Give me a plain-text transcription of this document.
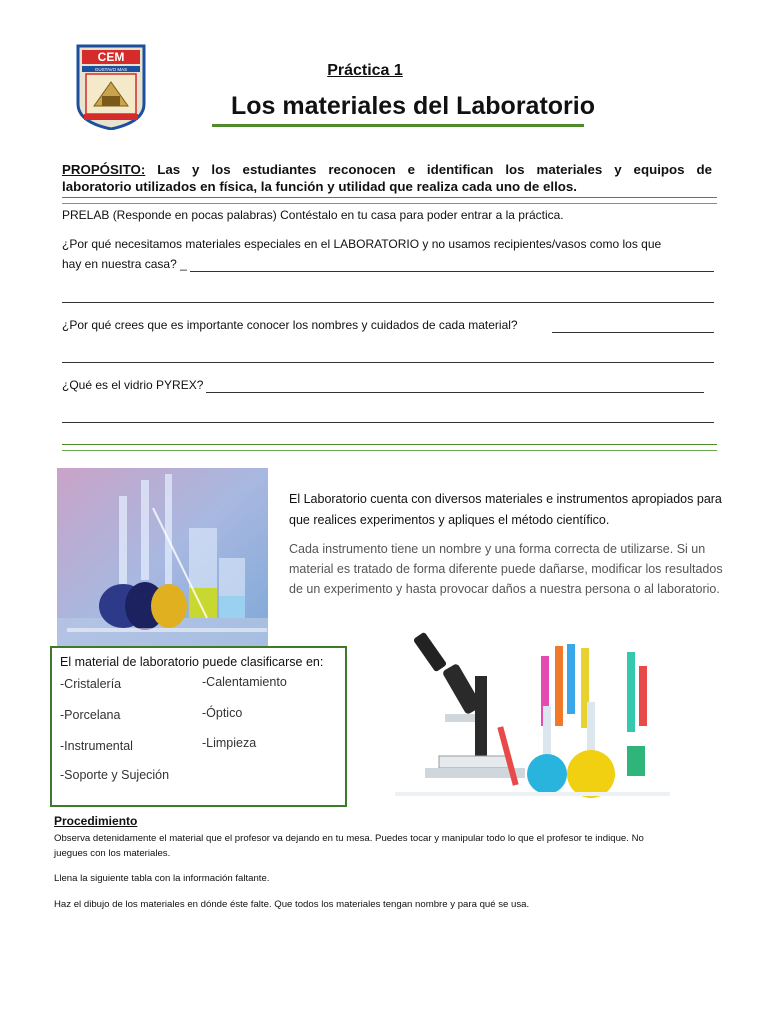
CEM
GUSTAVO MAS	Práctica 1
Los materiales del Laboratorio
PROPÓSITO: Las y los estudiantes reconocen e identifican los materiales y equipos de
laboratorio utilizados en física, la función y utilidad que realiza cada uno de ellos.
PRELAB (Responde en pocas palabras) Contéstalo en tu casa para poder entrar a la práctica.
¿Por qué necesitamos materiales especiales en el LABORATORIO y no usamos recipientes/vasos como los que
hay en nuestra casa? _
¿Por qué crees que es importante conocer los nombres y cuidados de cada material?
¿Qué es el vidrio PYREX?
El Laboratorio cuenta con diversos materiales e instrumentos apropiados para que realices experimentos y apliques el método científico.
Cada instrumento tiene un nombre y una forma correcta de utilizarse. Si un material es tratado de forma diferente puede dañarse, modificar los resultados de un experimento y hasta provocar daños a nuestra persona o al laboratorio.
El material de laboratorio puede clasificarse en:
-Cristalería
-Porcelana
-Instrumental
-Soporte y Sujeción
-Calentamiento
-Óptico
-Limpieza
Procedimiento
Observa detenidamente el material que el profesor va dejando en tu mesa. Puedes tocar y manipular todo lo que el profesor te indique. No
juegues con los materiales.
Llena la siguiente tabla con la información faltante.
Haz el dibujo de los materiales en dónde éste falte. Que todos los materiales tengan nombre y para qué se usa.
